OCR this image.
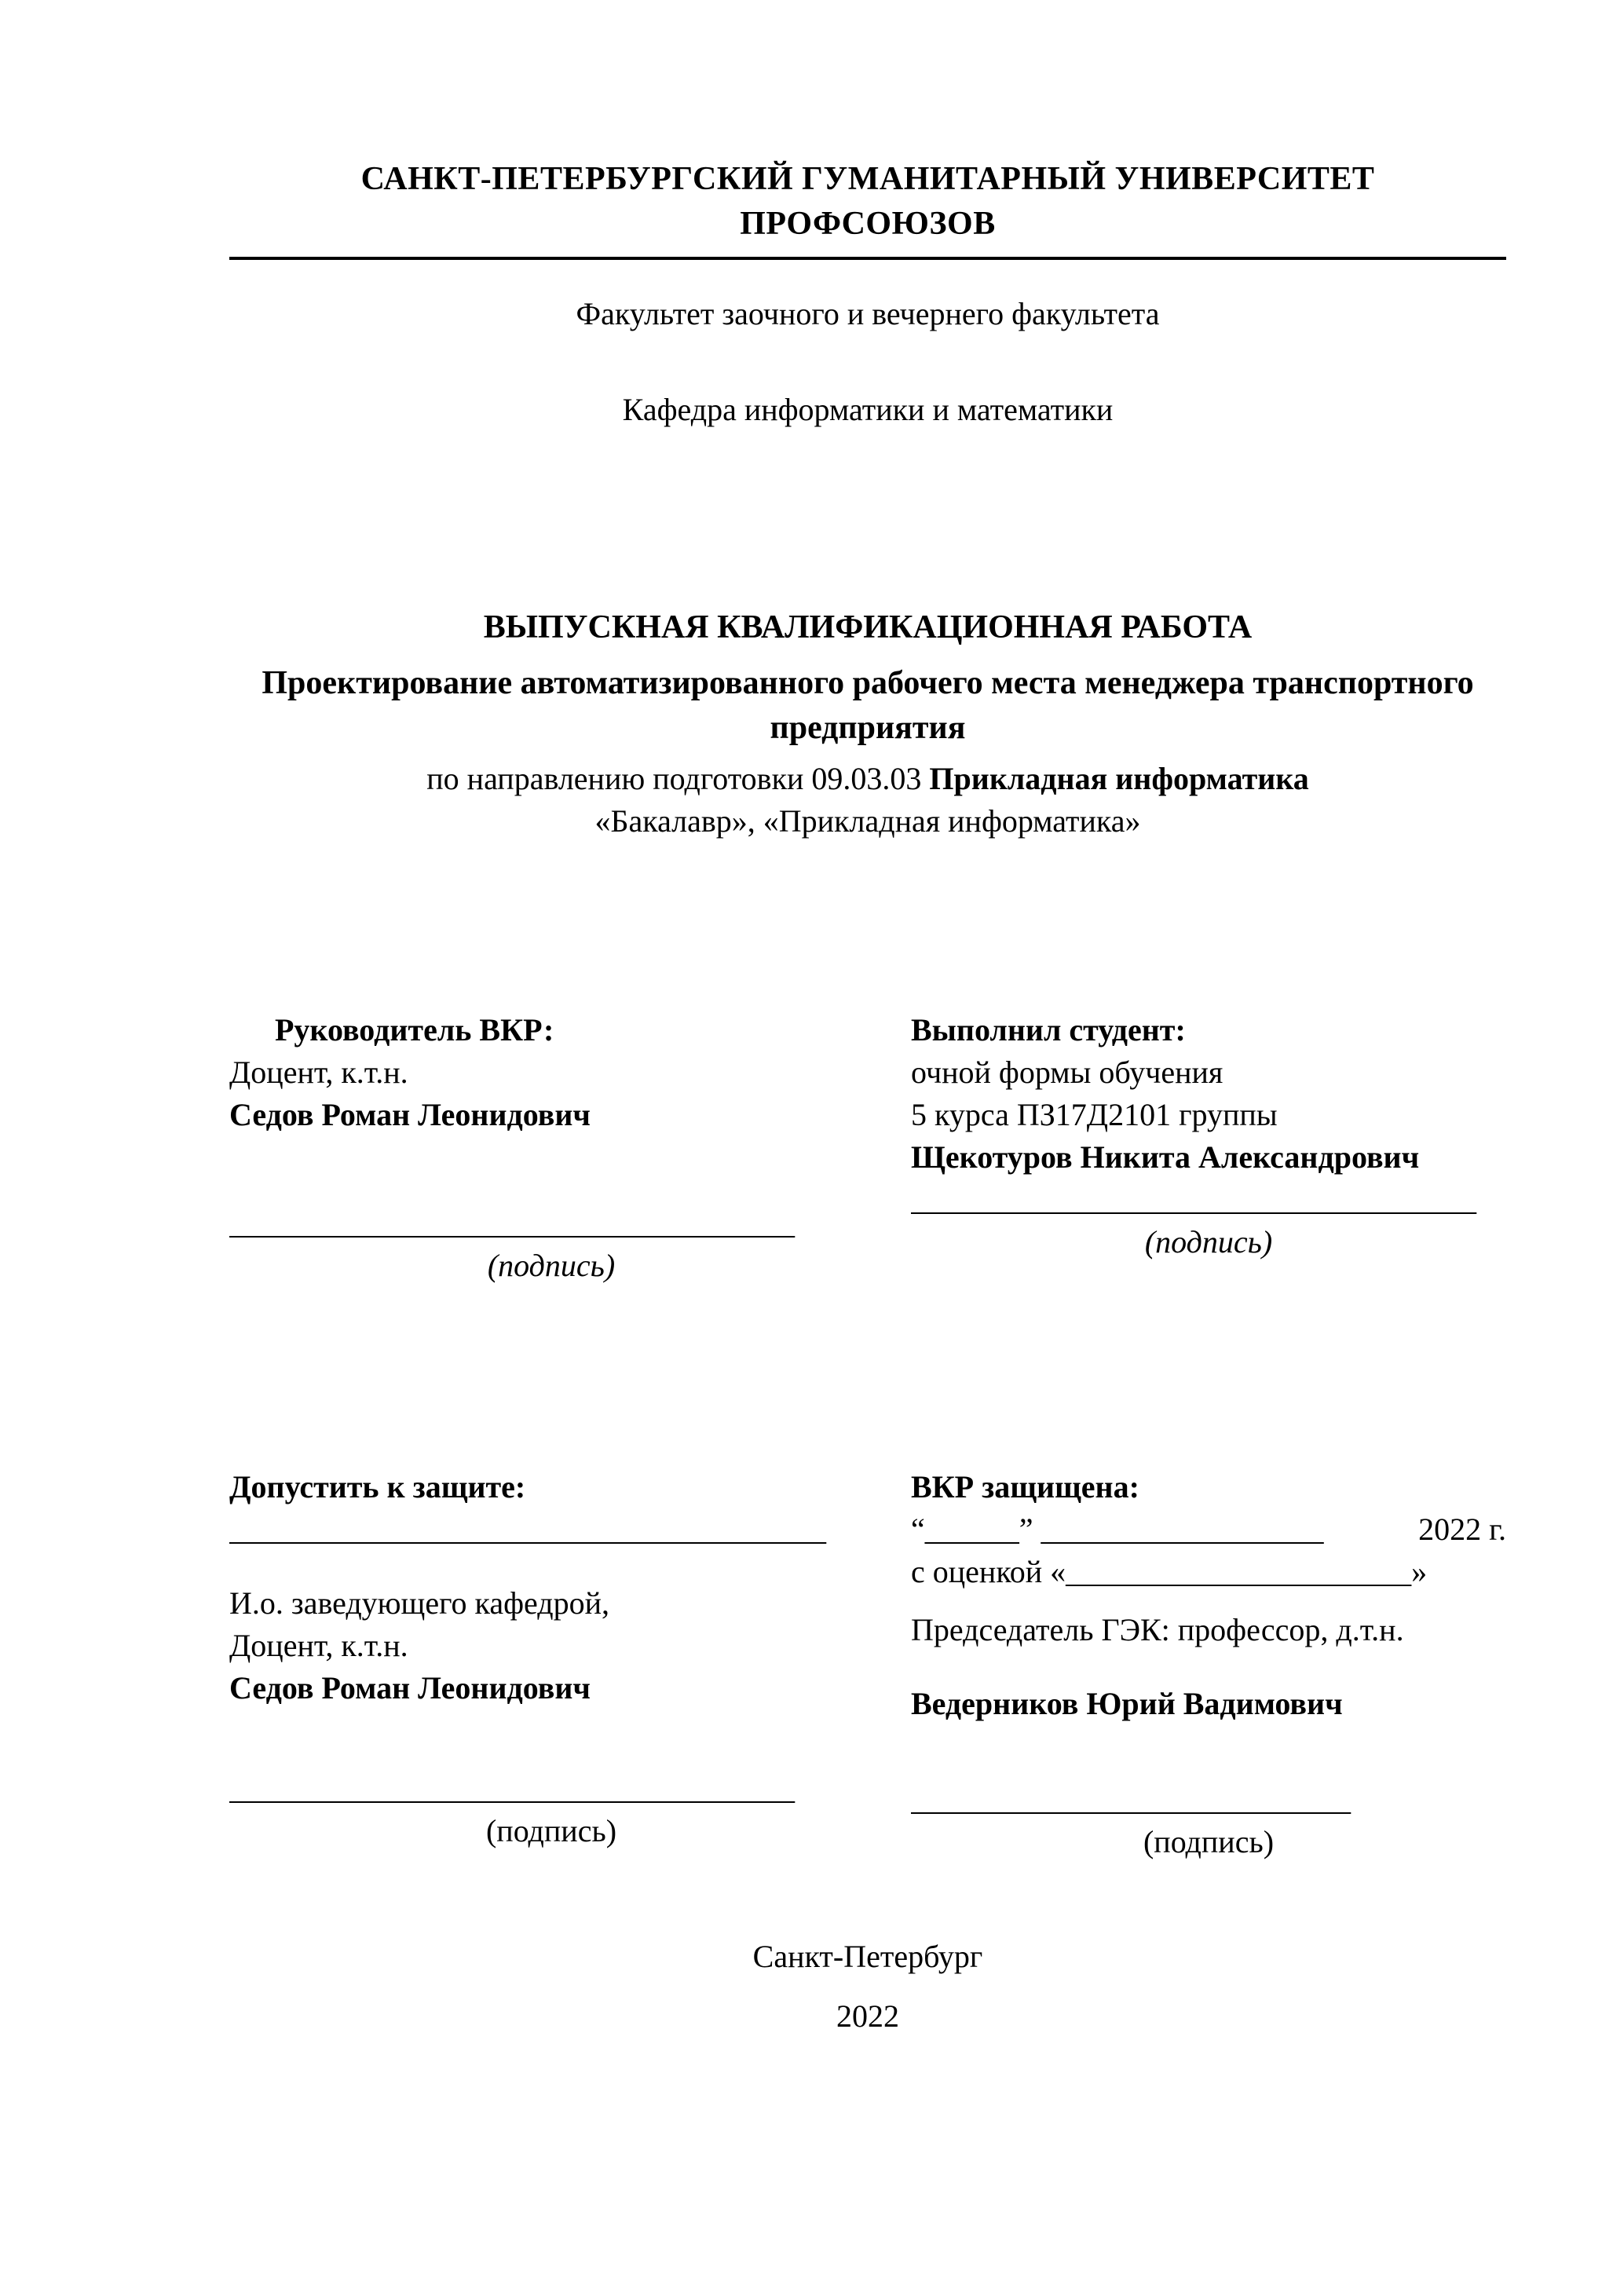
САНКТ-ПЕТЕРБУРГСКИЙ ГУМАНИТАРНЫЙ УНИВЕРСИТЕТ ПРОФСОЮЗОВ
Факультет заочного и вечернего факультета
Кафедра информатики и математики
ВЫПУСКНАЯ КВАЛИФИКАЦИОННАЯ РАБОТА
Проектирование автоматизированного рабочего места менеджера транспортного предприятия
по направлению подготовки 09.03.03 Прикладная информатика
«Бакалавр», «Прикладная информатика»
Руководитель ВКР:
Доцент, к.т.н.
Седов Роман Леонидович
____________________________________
(подпись)
Выполнил студент:
очной формы обучения
5 курса ПЗ17Д2101 группы
Щекотуров Никита Александрович
____________________________________
(подпись)
Допустить к защите:
______________________________________
И.о. заведующего кафедрой,
Доцент, к.т.н.
Седов Роман Леонидович
____________________________________
(подпись)
ВКР защищена:
“______” __________________	2022 г.
с оценкой «______________________»
Председатель ГЭК: профессор, д.т.н.
Ведерников Юрий Вадимович
____________________________
(подпись)
Санкт-Петербург
2022
